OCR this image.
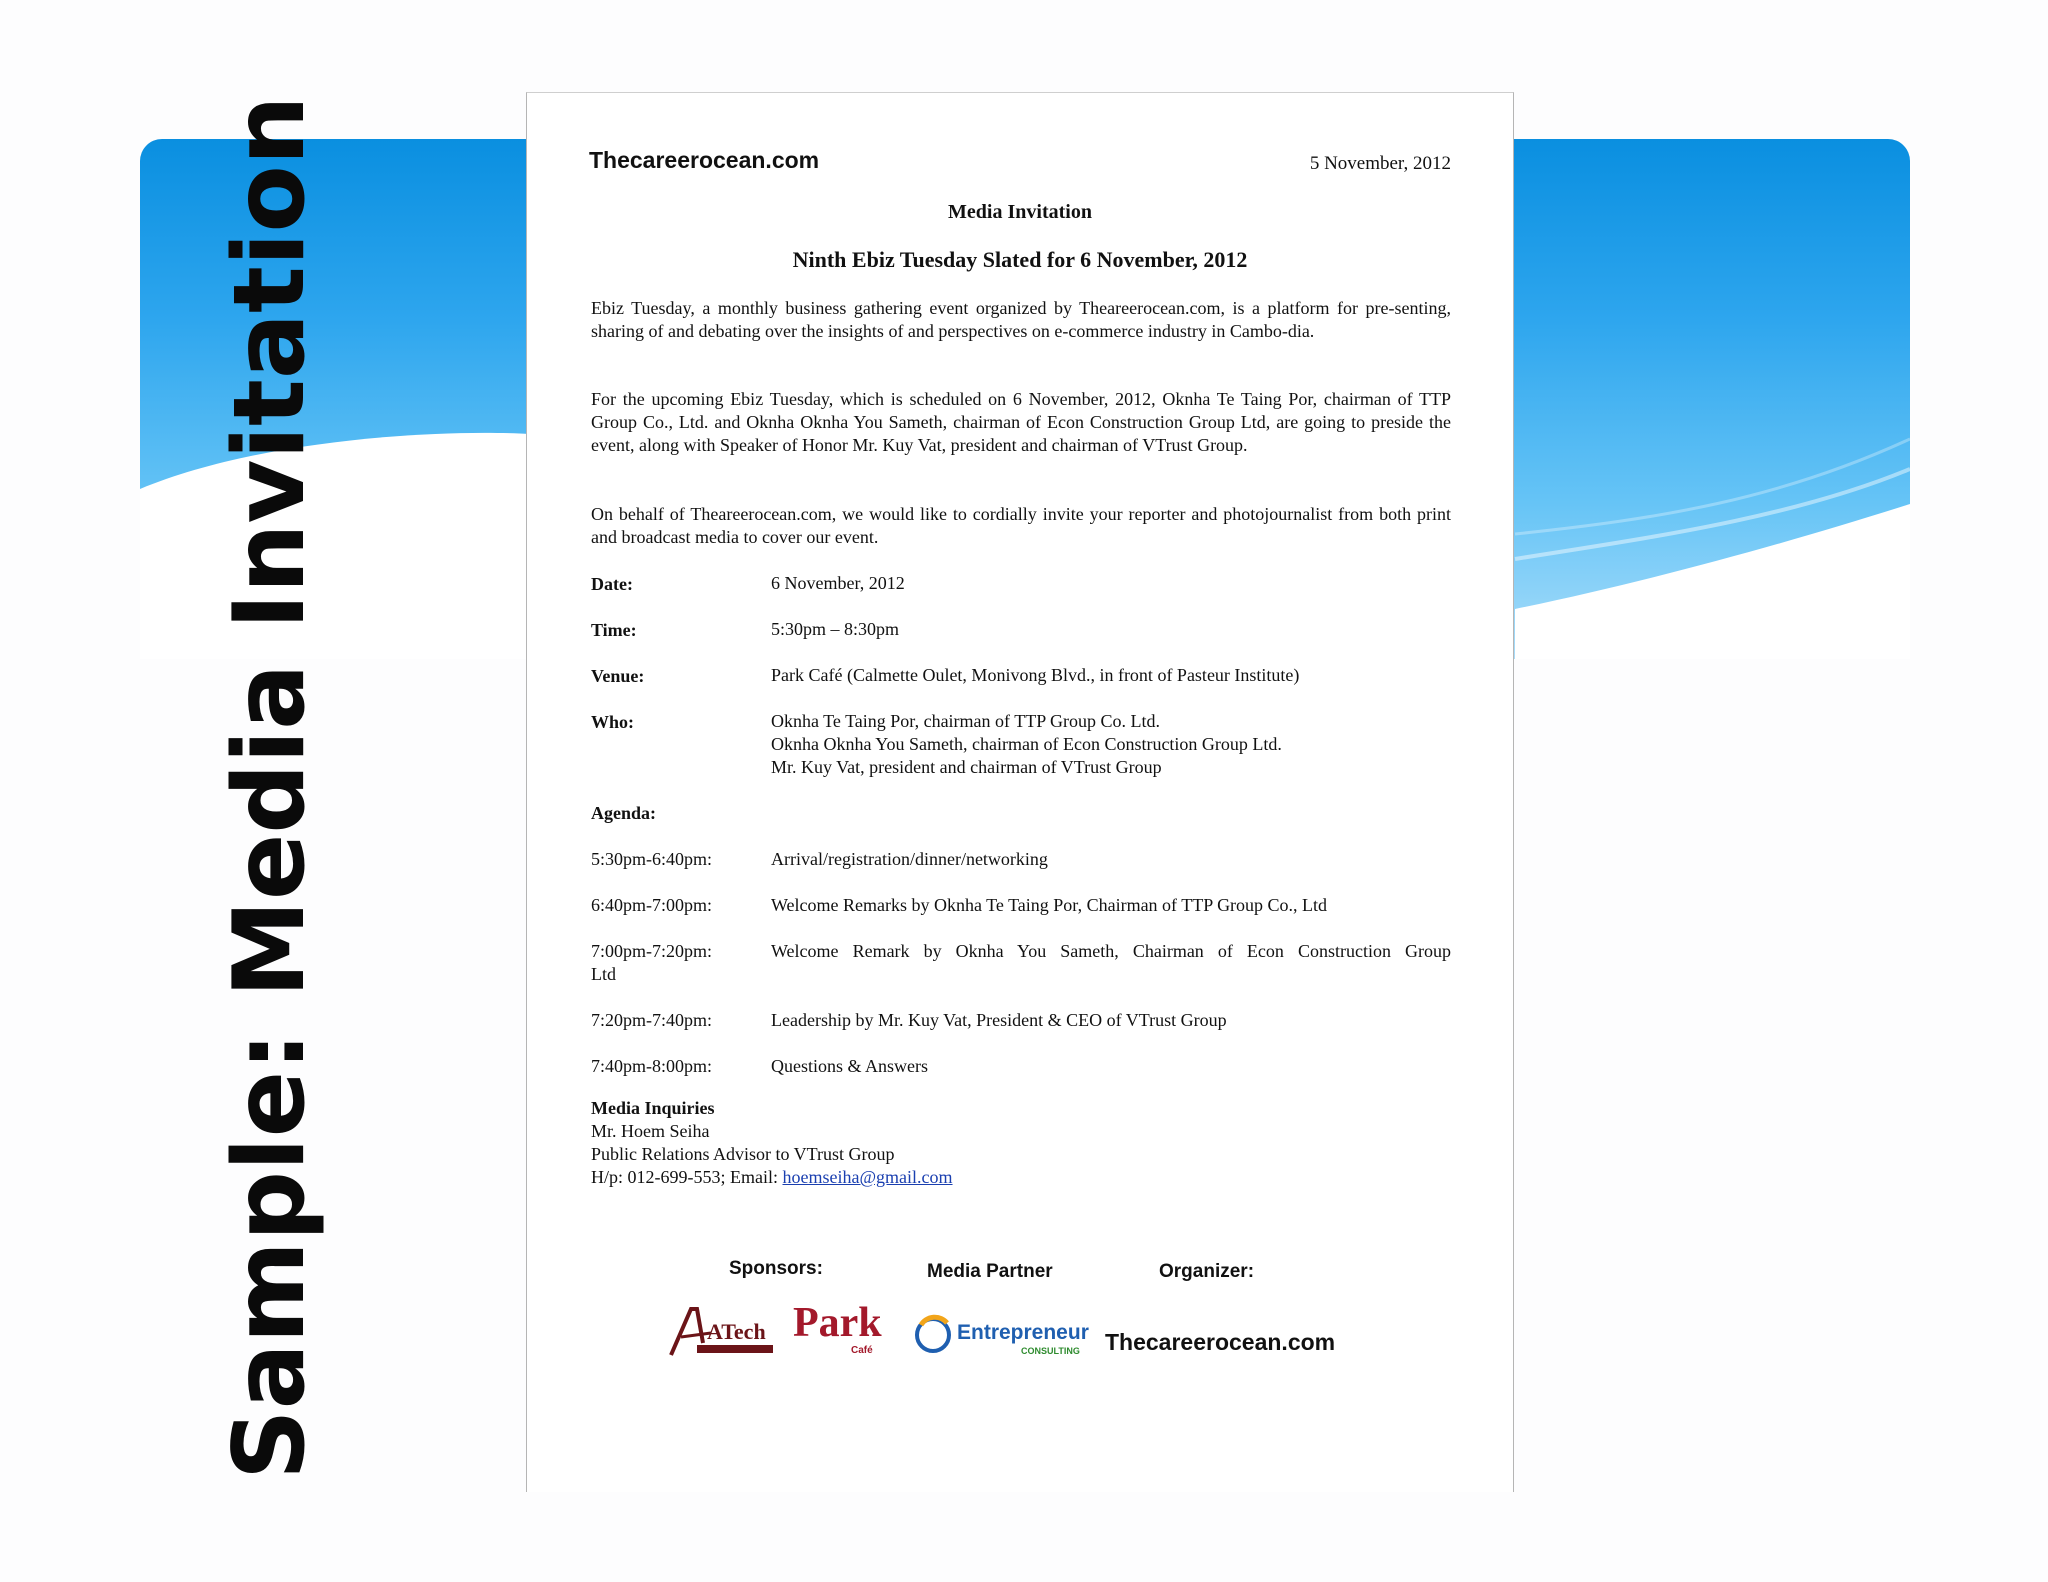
Sample: Media Invitation	Thecareerocean.com	5 November, 2012
Media Invitation
Ninth Ebiz Tuesday Slated for 6 November, 2012

Ebiz Tuesday, a monthly business gathering event organized by Theareerocean.com, is a platform for pre-senting, sharing of and debating over the insights of and perspectives on e-commerce industry in Cambo-dia.

For the upcoming Ebiz Tuesday, which is scheduled on 6 November, 2012, Oknha Te Taing Por, chairman of TTP Group Co., Ltd. and Oknha Oknha You Sameth, chairman of Econ Construction Group Ltd, are going to preside the event, along with Speaker of Honor Mr. Kuy Vat, president and chairman of VTrust Group.

On behalf of Theareerocean.com, we would like to cordially invite your reporter and photojournalist from both print and broadcast media to cover our event.

Date:	6 November, 2012
Time:	5:30pm – 8:30pm
Venue:	Park Café (Calmette Oulet, Monivong Blvd., in front of Pasteur Institute)
Who:	Oknha Te Taing Por, chairman of TTP Group Co. Ltd.
Oknha Oknha You Sameth, chairman of Econ Construction Group Ltd.
Mr. Kuy Vat, president and chairman of VTrust Group
Agenda:
5:30pm-6:40pm:	Arrival/registration/dinner/networking
6:40pm-7:00pm:	Welcome Remarks by Oknha Te Taing Por, Chairman of TTP Group Co., Ltd
7:00pm-7:20pm:	Welcome Remark by Oknha You Sameth, Chairman of Econ Construction Group
Ltd
7:20pm-7:40pm:	Leadership by Mr. Kuy Vat, President & CEO of VTrust Group
7:40pm-8:00pm:	Questions & Answers
Media Inquiries
Mr. Hoem Seiha
Public Relations Advisor to VTrust Group
H/p: 012-699-553; Email: hoemseiha@gmail.com
Sponsors:	Media Partner	Organizer:
ATech Park
Café
Entrepreneur
CONSULTING Thecareerocean.com
